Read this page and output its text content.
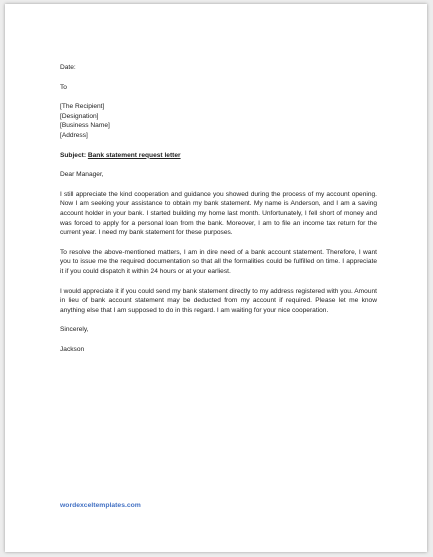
Date:

To

[The Recipient]

[Designation]

[Business Name]

[Address]

Subject: Bank statement request letter

Dear Manager,

I still appreciate the kind cooperation and guidance you showed during the process of my account opening. Now I am seeking your assistance to obtain my bank statement. My name is Anderson, and I am a saving account holder in your bank. I started building my home last month. Unfortunately, I fell short of money and was forced to apply for a personal loan from the bank. Moreover, I am to file an income tax return for the current year. I need my bank statement for these purposes.

To resolve the above-mentioned matters, I am in dire need of a bank account statement. Therefore, I want you to issue me the required documentation so that all the formalities could be fulfilled on time. I appreciate it if you could dispatch it within 24 hours or at your earliest.

I would appreciate it if you could send my bank statement directly to my address registered with you. Amount in lieu of bank account statement may be deducted from my account if required. Please let me know anything else that I am supposed to do in this regard. I am waiting for your nice cooperation.

Sincerely,

Jackson

wordexceltemplates.com
